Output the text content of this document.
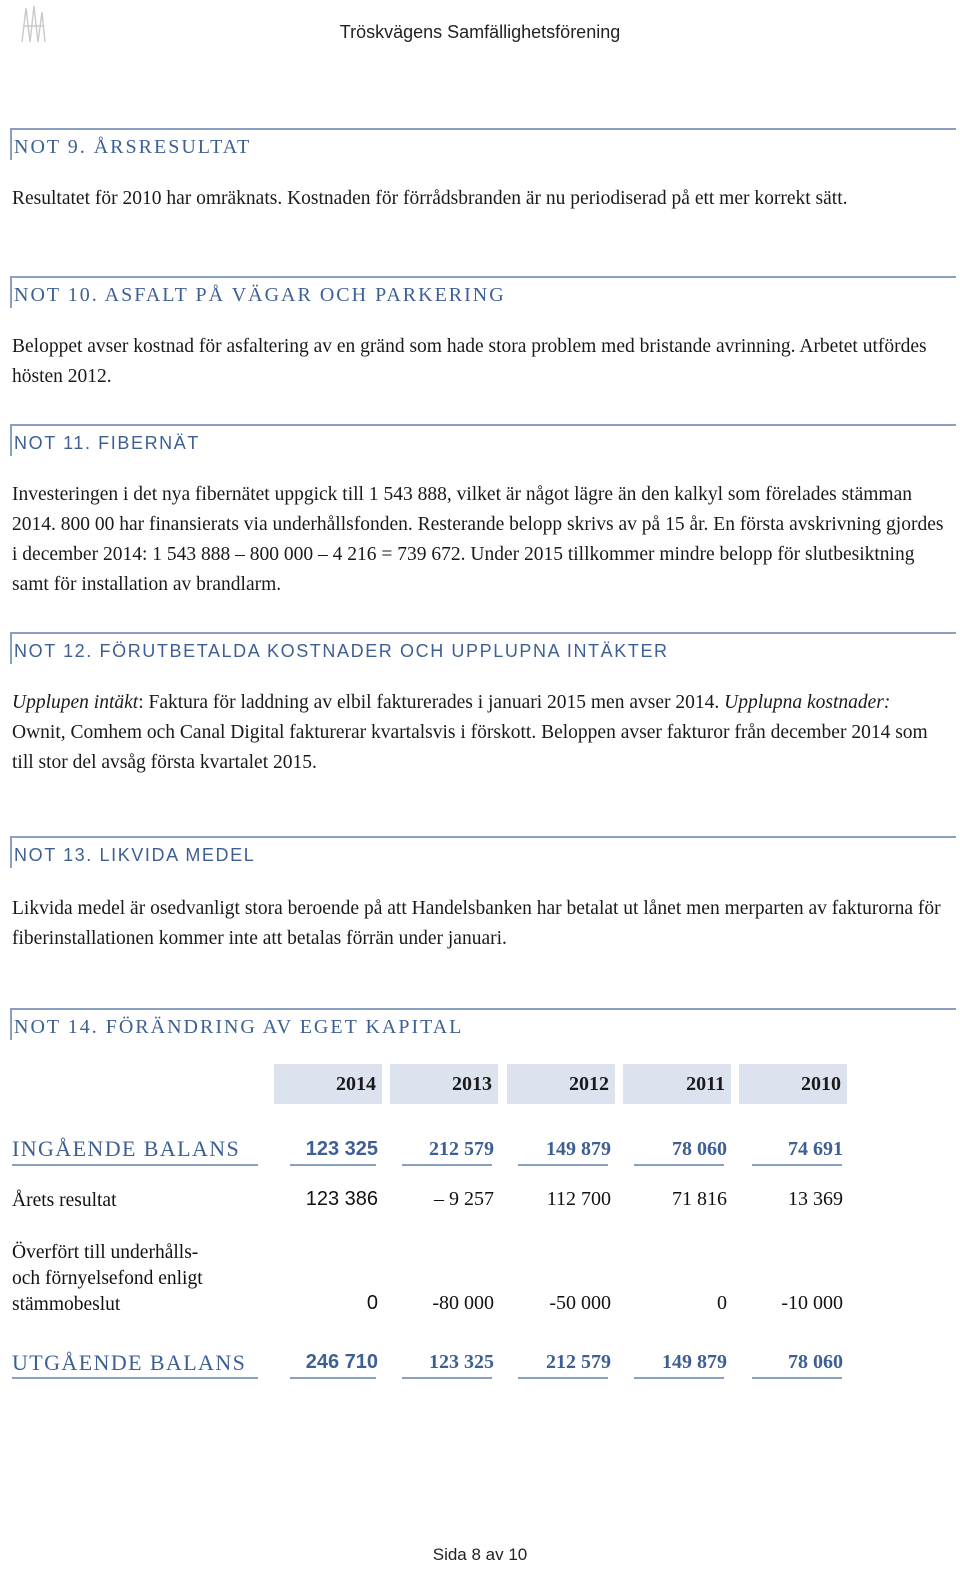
Tröskvägens Samfällighetsförening
NOT 9. ÅRSRESULTAT
Resultatet för 2010 har omräknats. Kostnaden för förrådsbranden är nu periodiserad på ett mer korrekt sätt.
NOT 10. ASFALT PÅ VÄGAR OCH PARKERING
Beloppet avser kostnad för asfaltering av en gränd som hade stora problem med bristande avrinning. Arbetet utfördes hösten 2012.
NOT 11. FIBERNÄT
Investeringen i det nya fibernätet uppgick till 1 543 888, vilket är något lägre än den kalkyl som förelades stämman 2014. 800 00 har finansierats via underhållsfonden. Resterande belopp skrivs av på 15 år. En första avskrivning gjordes i december 2014: 1 543 888 – 800 000 – 4 216 = 739 672. Under 2015 tillkommer mindre belopp för slutbesiktning samt för installation av brandlarm.
NOT 12. FÖRUTBETALDA KOSTNADER OCH UPPLUPNA INTÄKTER
Upplupen intäkt: Faktura för laddning av elbil fakturerades i januari 2015 men avser 2014. Upplupna kostnader: Ownit, Comhem och Canal Digital fakturerar kvartalsvis i förskott. Beloppen avser fakturor från december 2014 som till stor del avsåg första kvartalet 2015.
NOT 13. LIKVIDA MEDEL
Likvida medel är osedvanligt stora beroende på att Handelsbanken har betalat ut lånet men merparten av fakturorna för fiberinstallationen kommer inte att betalas förrän under januari.
NOT 14. FÖRÄNDRING AV EGET KAPITAL
2014	2013	2012	2011	2010
INGÅENDE BALANS	123 325	212 579	149 879	78 060	74 691
Årets resultat	123 386	– 9 257	112 700	71 816	13 369
Överfört till underhålls-
och förnyelsefond enligt
stämmobeslut	0	-80 000	-50 000	0	-10 000
UTGÅENDE BALANS	246 710	123 325	212 579	149 879	78 060
Sida 8 av 10
